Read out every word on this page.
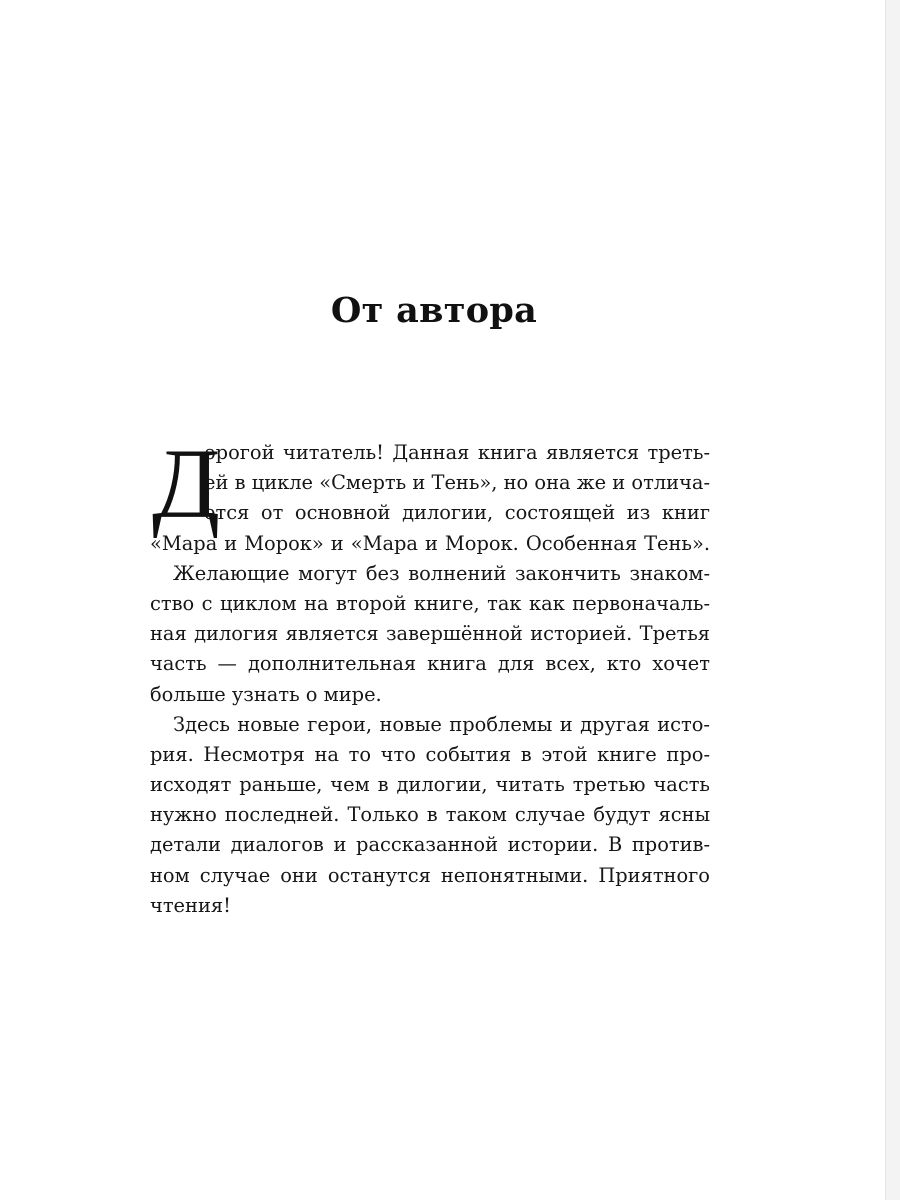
От автора
Д
орогой читатель! Данная книга является треть-
ей в цикле «Смерть и Тень», но она же и отлича-
ется от основной дилогии, состоящей из книг
«Мара и Морок» и «Мара и Морок. Особенная Тень».
Желающие могут без волнений закончить знаком-
ство с циклом на второй книге, так как первоначаль-
ная дилогия является завершённой историей. Третья
часть — дополнительная книга для всех, кто хочет
больше узнать о мире.
Здесь новые герои, новые проблемы и другая исто-
рия. Несмотря на то что события в этой книге про-
исходят раньше, чем в дилогии, читать третью часть
нужно последней. Только в таком случае будут ясны
детали диалогов и рассказанной истории. В против-
ном случае они останутся непонятными. Приятного
чтения!
